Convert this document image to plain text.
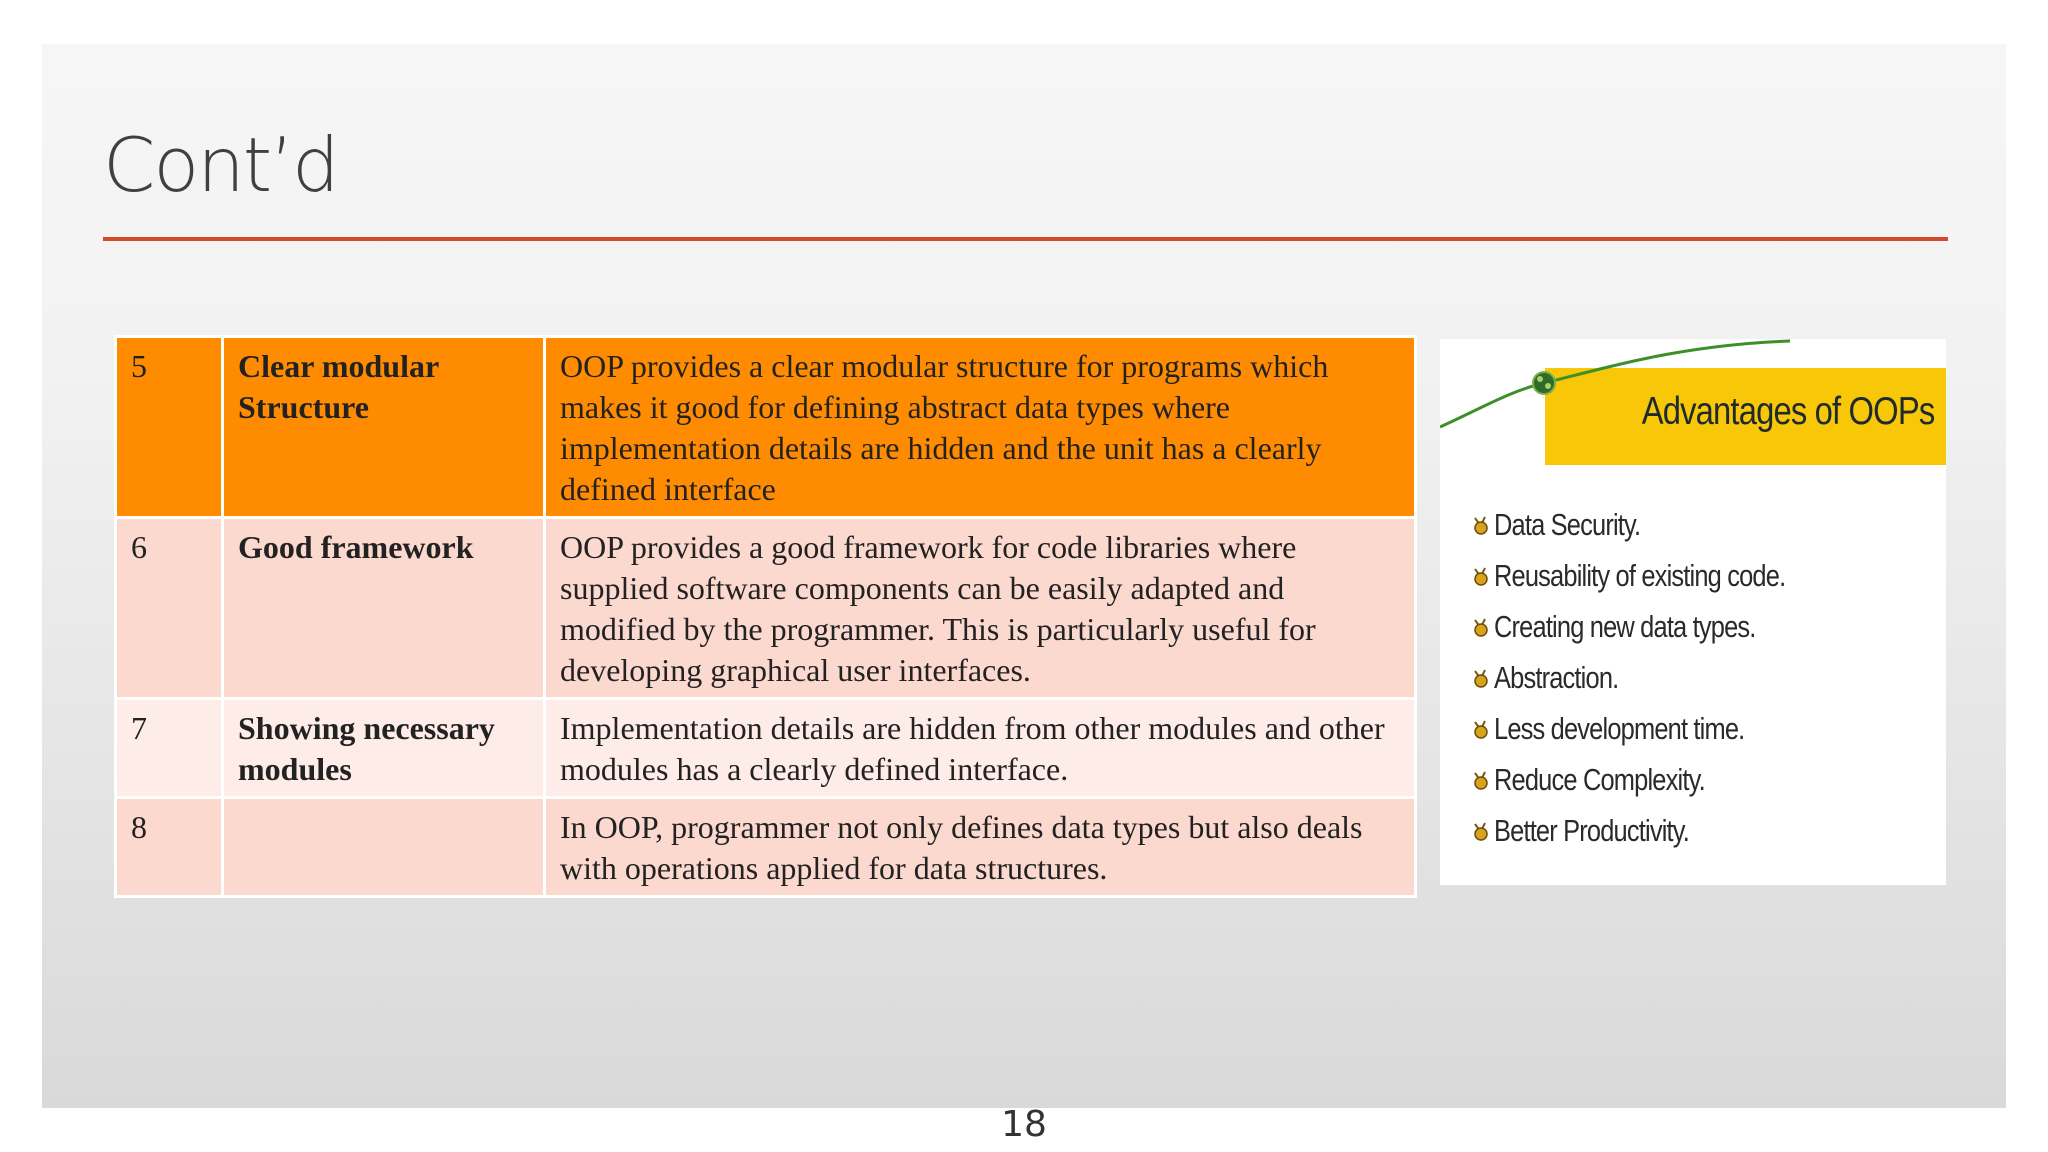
Cont’d
5	Clear modular Structure	OOP provides a clear modular structure for programs which makes it good for defining abstract data types where implementation details are hidden and the unit has a clearly defined interface
6	Good framework	OOP provides a good framework for code libraries where supplied software components can be easily adapted and modified by the programmer. This is particularly useful for developing graphical user interfaces.
7	Showing necessary modules	Implementation details are hidden from other modules and other modules has a clearly defined interface.
8		In OOP, programmer not only defines data types but also deals with operations applied for data structures.
Advantages of OOPs
Data Security.
Reusability of existing code.
Creating new data types.
Abstraction.
Less development time.
Reduce Complexity.
Better Productivity.
18
